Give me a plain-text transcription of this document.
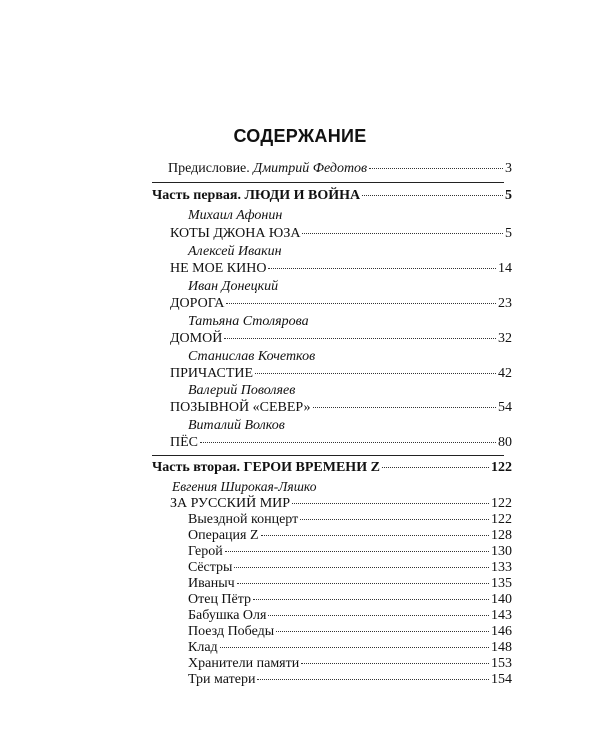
СОДЕРЖАНИЕ
Предисловие. Дмитрий Федотов	3
Часть первая. ЛЮДИ И ВОЙНА	5
Михаил Афонин
КОТЫ ДЖОНА ЮЗА	5
Алексей Ивакин
НЕ МОЕ КИНО	14
Иван Донецкий
ДОРОГА	23
Татьяна Столярова
ДОМОЙ	32
Станислав Кочетков
ПРИЧАСТИЕ	42
Валерий Поволяев
ПОЗЫВНОЙ «СЕВЕР»	54
Виталий Волков
ПЁС	80
Часть вторая. ГЕРОИ ВРЕМЕНИ Z	122
Евгения Широкая-Ляшко
ЗА РУССКИЙ МИР	122
Выездной концерт	122
Операция Z	128
Герой	130
Сёстры	133
Иваныч	135
Отец Пётр	140
Бабушка Оля	143
Поезд Победы	146
Клад	148
Хранители памяти	153
Три матери	154
